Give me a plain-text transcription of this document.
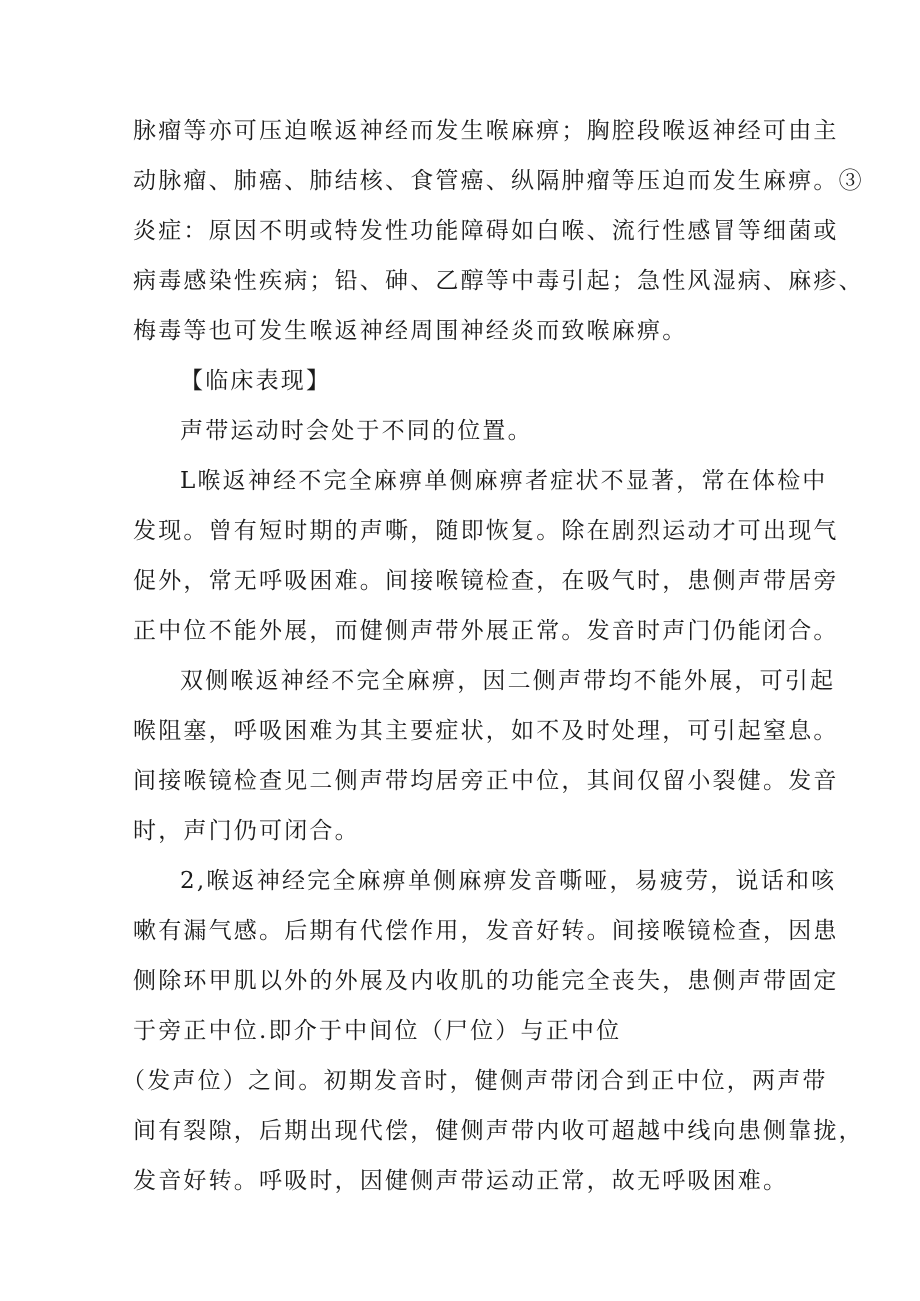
脉瘤等亦可压迫喉返神经而发生喉麻痹；胸腔段喉返神经可由主
动脉瘤、肺癌、肺结核、食管癌、纵隔肿瘤等压迫而发生麻痹。③
炎症：原因不明或特发性功能障碍如白喉、流行性感冒等细菌或
病毒感染性疾病；铅、砷、乙醇等中毒引起；急性风湿病、麻疹、
梅毒等也可发生喉返神经周围神经炎而致喉麻痹。
【临床表现】
声带运动时会处于不同的位置。
L喉返神经不完全麻痹单侧麻痹者症状不显著，常在体检中
发现。曾有短时期的声嘶，随即恢复。除在剧烈运动才可出现气
促外，常无呼吸困难。间接喉镜检查，在吸气时，患侧声带居旁
正中位不能外展，而健侧声带外展正常。发音时声门仍能闭合。
双侧喉返神经不完全麻痹，因二侧声带均不能外展，可引起
喉阻塞，呼吸困难为其主要症状，如不及时处理，可引起窒息。
间接喉镜检查见二侧声带均居旁正中位，其间仅留小裂健。发音
时，声门仍可闭合。
2,喉返神经完全麻痹单侧麻痹发音嘶哑，易疲劳，说话和咳
嗽有漏气感。后期有代偿作用，发音好转。间接喉镜检查，因患
侧除环甲肌以外的外展及内收肌的功能完全丧失，患侧声带固定
于旁正中位.即介于中间位（尸位）与正中位
（发声位）之间。初期发音时，健侧声带闭合到正中位，两声带
间有裂隙，后期出现代偿，健侧声带内收可超越中线向患侧靠拢，
发音好转。呼吸时，因健侧声带运动正常，故无呼吸困难。
